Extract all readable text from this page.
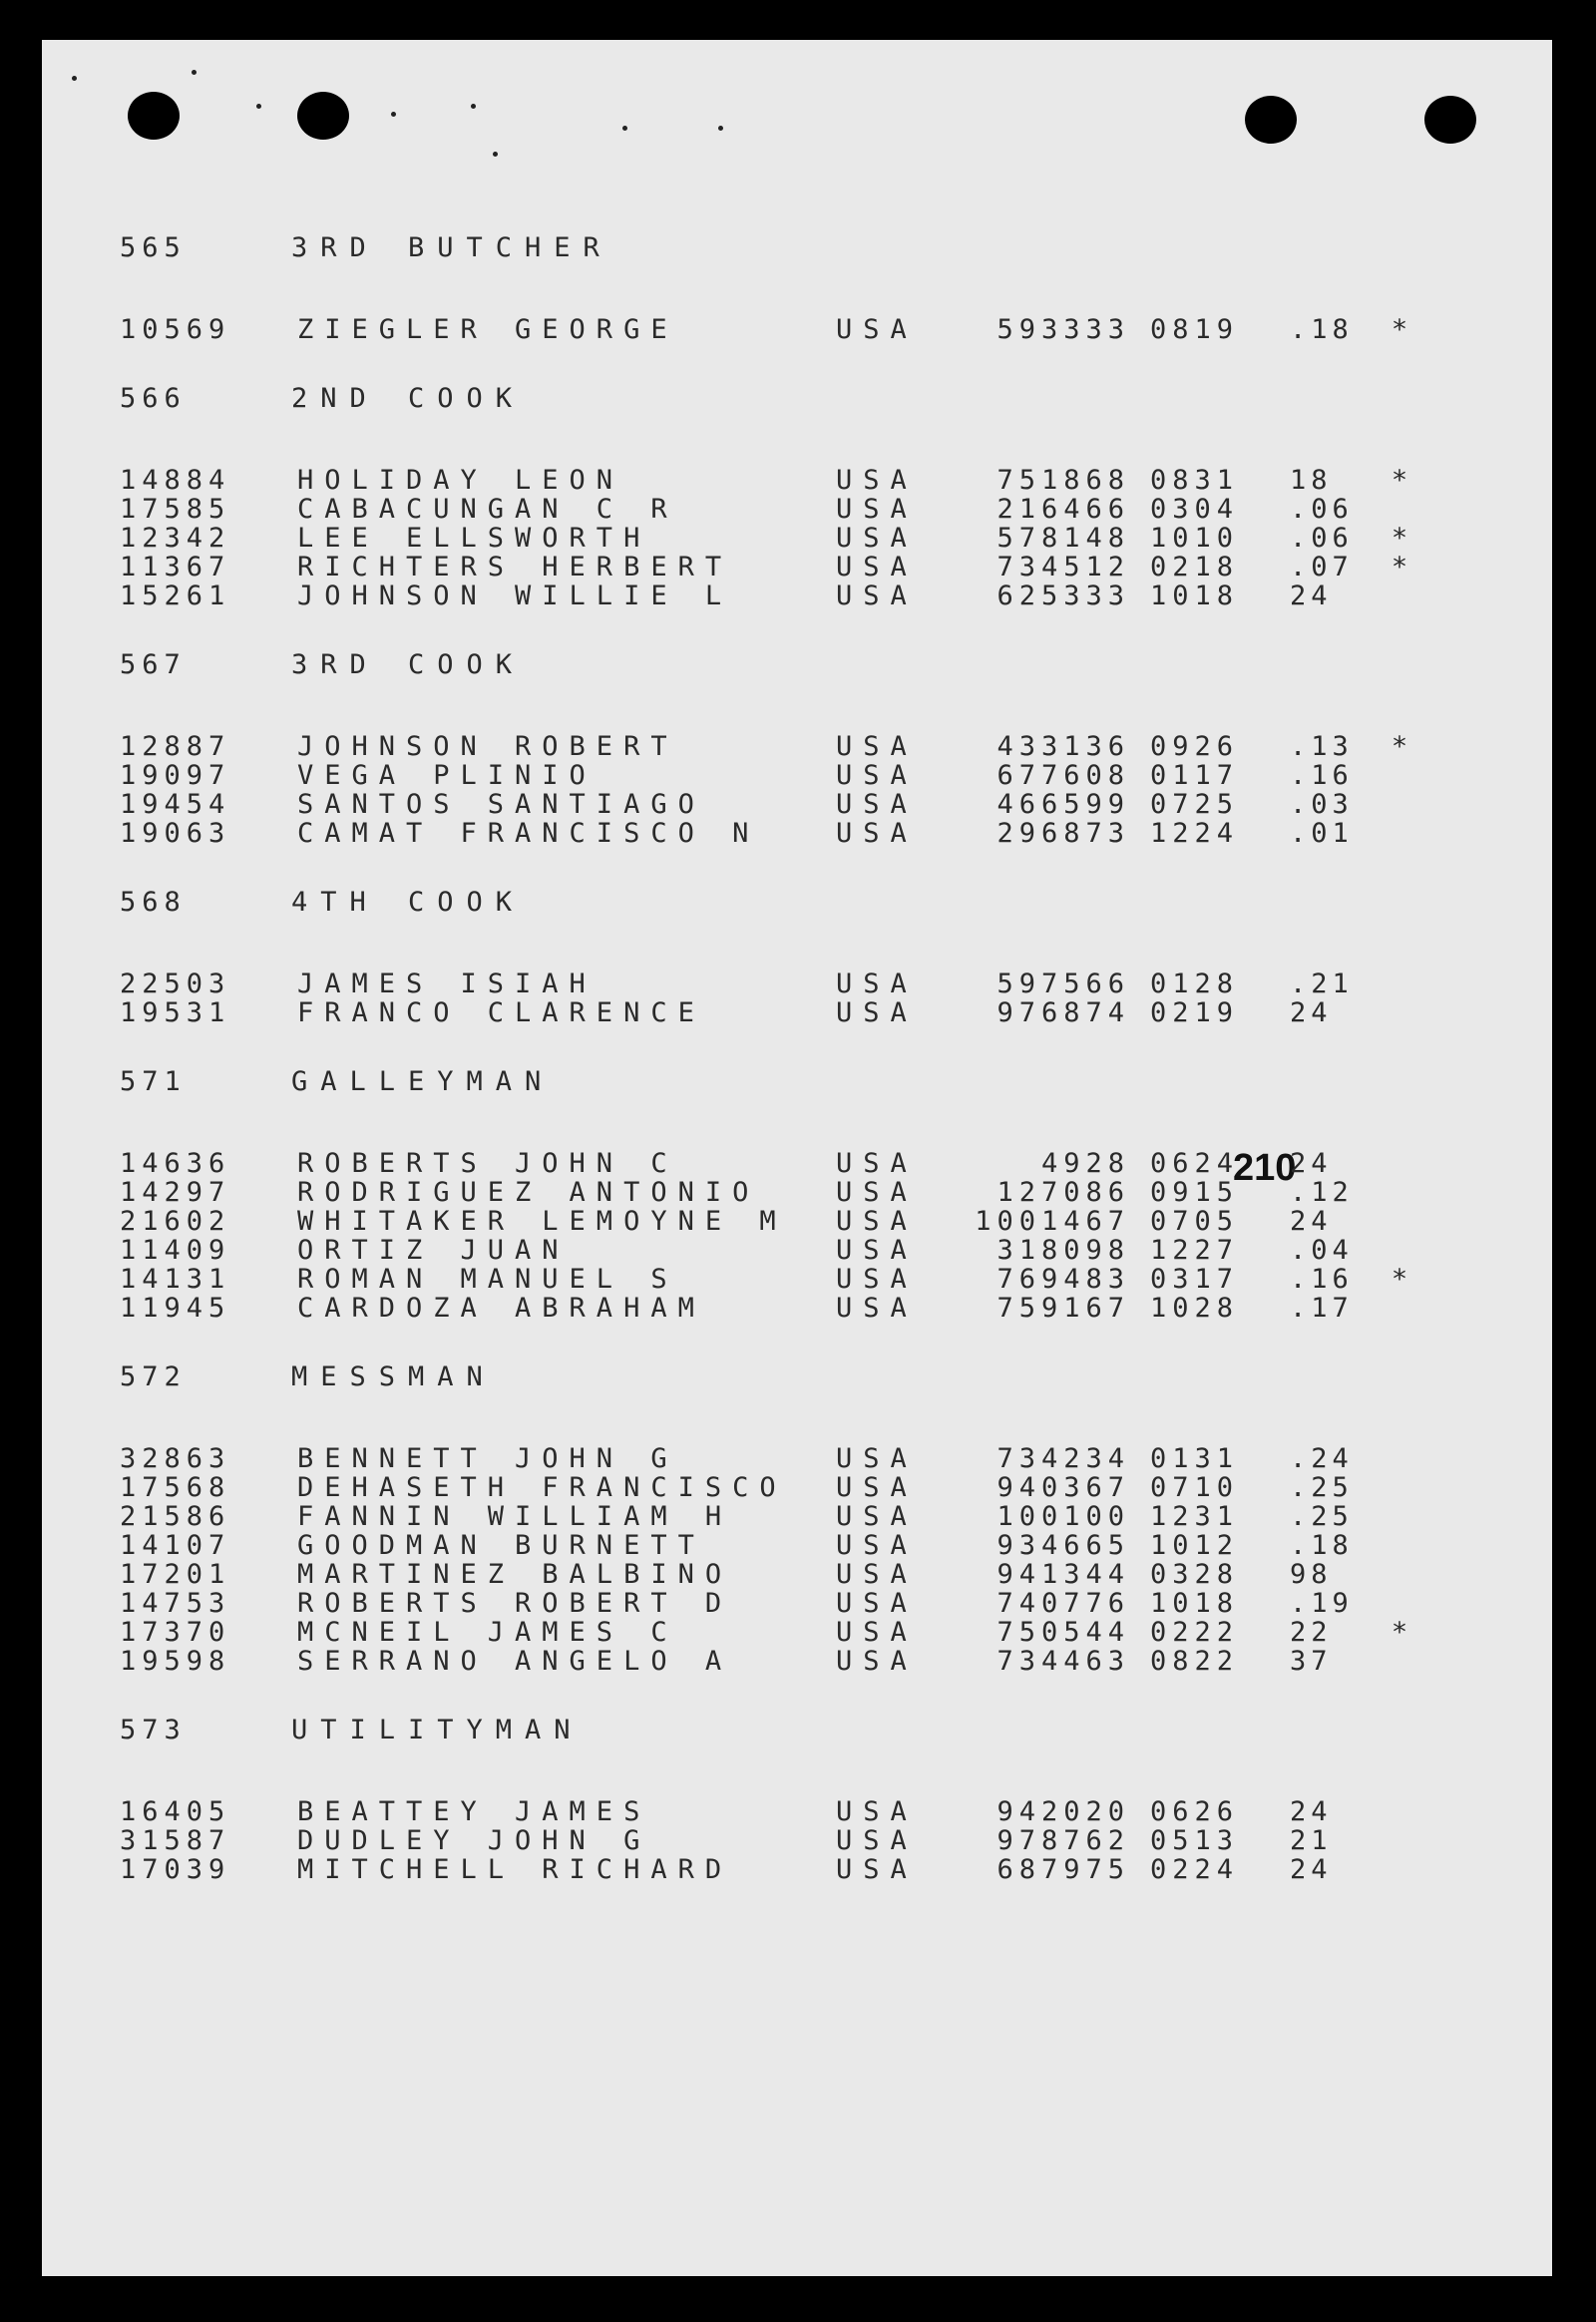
210
565	3RD BUTCHER
10569	ZIEGLER GEORGE	USA	593333 0819	.18	*
566	2ND COOK
14884	HOLIDAY LEON	USA	751868 0831	18	*
17585	CABACUNGAN C R	USA	216466 0304	.06
12342	LEE ELLSWORTH	USA	578148 1010	.06	*
11367	RICHTERS HERBERT	USA	734512 0218	.07	*
15261	JOHNSON WILLIE L	USA	625333 1018	24
567	3RD COOK
12887	JOHNSON ROBERT	USA	433136 0926	.13	*
19097	VEGA PLINIO	USA	677608 0117	.16
19454	SANTOS SANTIAGO	USA	466599 0725	.03
19063	CAMAT FRANCISCO N	USA	296873 1224	.01
568	4TH COOK
22503	JAMES ISIAH	USA	597566 0128	.21
19531	FRANCO CLARENCE	USA	976874 0219	24
571	GALLEYMAN
14636	ROBERTS JOHN C	USA	4928 0624	24
14297	RODRIGUEZ ANTONIO	USA	127086 0915	.12
21602	WHITAKER LEMOYNE M	USA	1001467 0705	24
11409	ORTIZ JUAN	USA	318098 1227	.04
14131	ROMAN MANUEL S	USA	769483 0317	.16	*
11945	CARDOZA ABRAHAM	USA	759167 1028	.17
572	MESSMAN
32863	BENNETT JOHN G	USA	734234 0131	.24
17568	DEHASETH FRANCISCO	USA	940367 0710	.25
21586	FANNIN WILLIAM H	USA	100100 1231	.25
14107	GOODMAN BURNETT	USA	934665 1012	.18
17201	MARTINEZ BALBINO	USA	941344 0328	98
14753	ROBERTS ROBERT D	USA	740776 1018	.19
17370	MCNEIL JAMES C	USA	750544 0222	22	*
19598	SERRANO ANGELO A	USA	734463 0822	37
573	UTILITYMAN
16405	BEATTEY JAMES	USA	942020 0626	24
31587	DUDLEY JOHN G	USA	978762 0513	21
17039	MITCHELL RICHARD	USA	687975 0224	24
